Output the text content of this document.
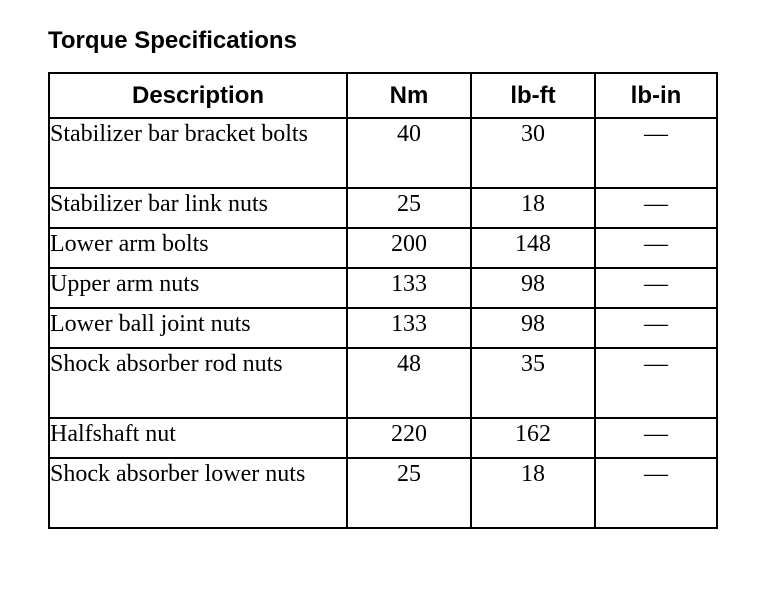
Torque Specifications
Description	Nm	lb-ft	lb-in
Stabilizer bar bracket bolts	40	30	—
Stabilizer bar link nuts	25	18	—
Lower arm bolts	200	148	—
Upper arm nuts	133	98	—
Lower ball joint nuts	133	98	—
Shock absorber rod nuts	48	35	—
Halfshaft nut	220	162	—
Shock absorber lower nuts	25	18	—
